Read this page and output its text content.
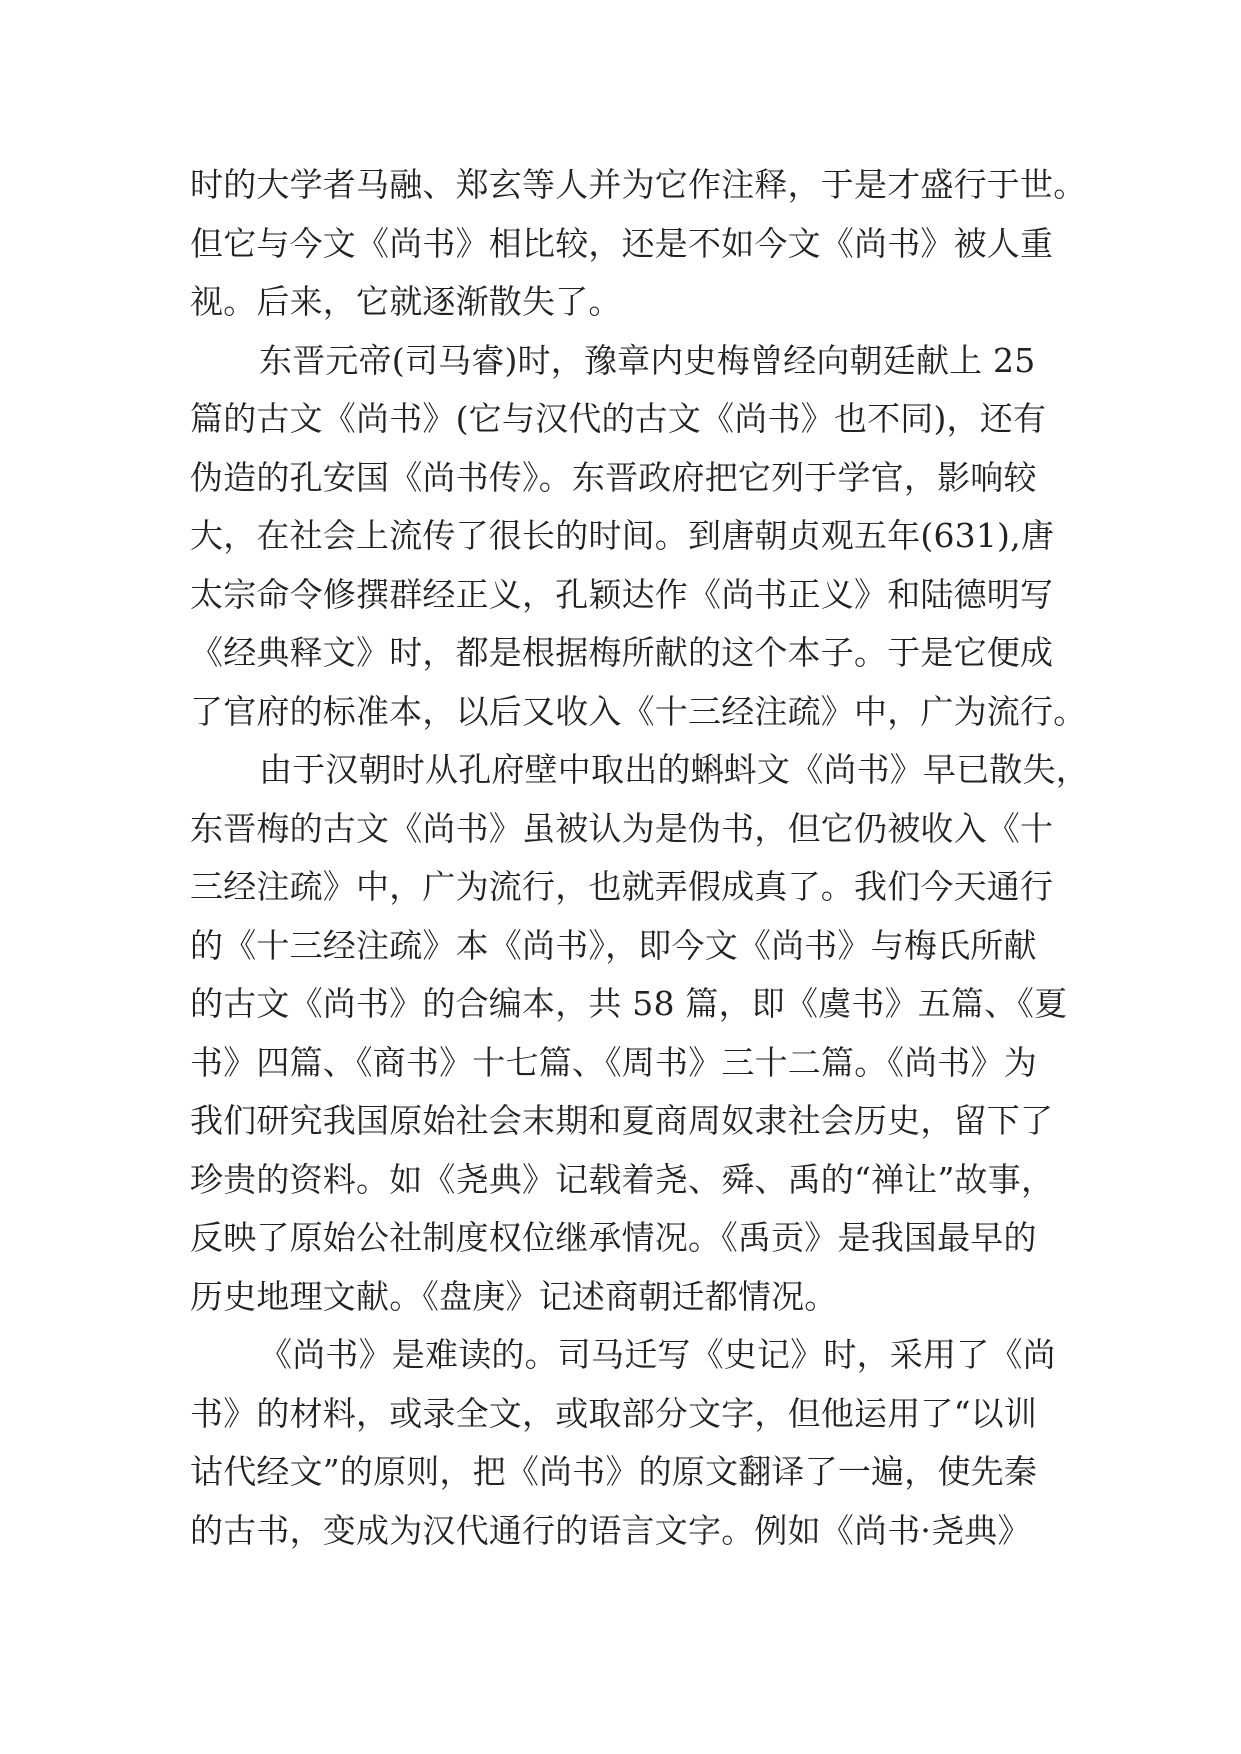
时的大学者马融、郑玄等人并为它作注释，于是才盛行于世。
但它与今文《尚书》相比较，还是不如今文《尚书》被人重
视。后来，它就逐渐散失了。
东晋元帝(司马睿)时，豫章内史梅曾经向朝廷献上 25
篇的古文《尚书》(它与汉代的古文《尚书》也不同)，还有
伪造的孔安国《尚书传》。东晋政府把它列于学官，影响较
大，在社会上流传了很长的时间。到唐朝贞观五年(631),唐
太宗命令修撰群经正义，孔颖达作《尚书正义》和陆德明写
《经典释文》时，都是根据梅所献的这个本子。于是它便成
了官府的标准本，以后又收入《十三经注疏》中，广为流行。
由于汉朝时从孔府壁中取出的蝌蚪文《尚书》早已散失，
东晋梅的古文《尚书》虽被认为是伪书，但它仍被收入《十
三经注疏》中，广为流行，也就弄假成真了。我们今天通行
的《十三经注疏》本《尚书》，即今文《尚书》与梅氏所献
的古文《尚书》的合编本，共 58 篇，即《虞书》五篇、《夏
书》四篇、《商书》十七篇、《周书》三十二篇。《尚书》为
我们研究我国原始社会末期和夏商周奴隶社会历史，留下了
珍贵的资料。如《尧典》记载着尧、舜、禹的“禅让”故事，
反映了原始公社制度权位继承情况。《禹贡》是我国最早的
历史地理文献。《盘庚》记述商朝迁都情况。
《尚书》是难读的。司马迁写《史记》时，采用了《尚
书》的材料，或录全文，或取部分文字，但他运用了“以训
诂代经文”的原则，把《尚书》的原文翻译了一遍，使先秦
的古书，变成为汉代通行的语言文字。例如《尚书·尧典》
